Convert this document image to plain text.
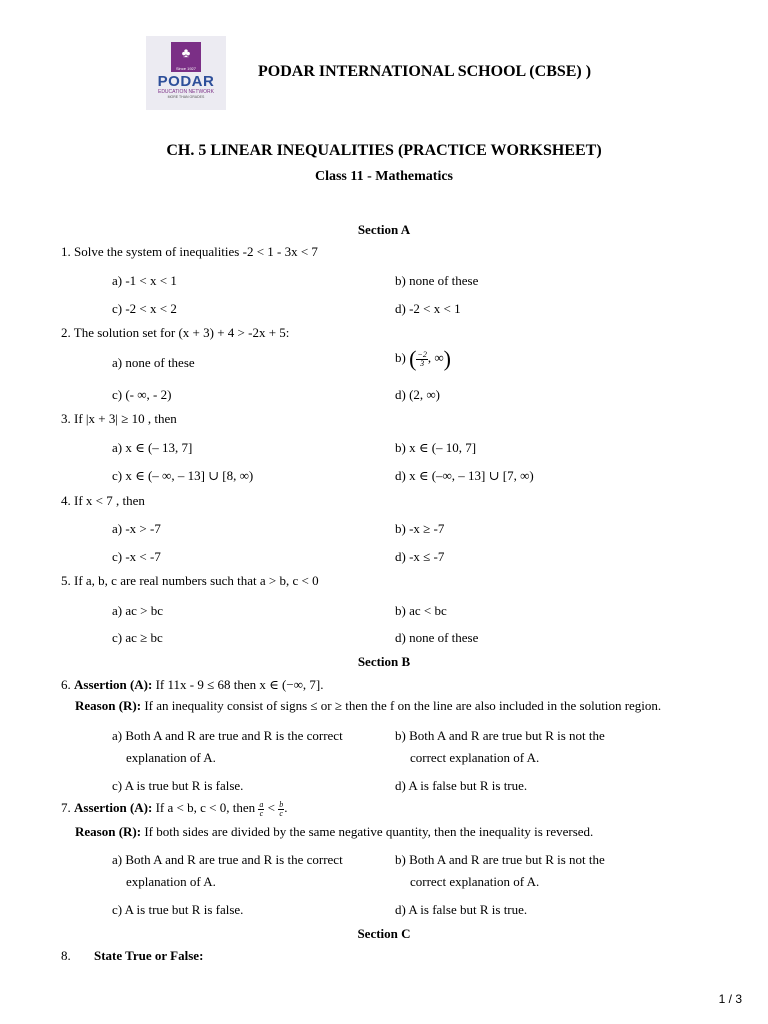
♣
Since 1927
PODAR
EDUCATION NETWORK
MORE THAN GRADES
PODAR INTERNATIONAL SCHOOL (CBSE) )
CH. 5 LINEAR INEQUALITIES (PRACTICE WORKSHEET)
Class 11 - Mathematics
Section A
1. Solve the system of inequalities -2 < 1 - 3x < 7
a) -1 < x < 1	b) none of these
c) -2 < x < 2	d) -2 < x < 1
2. The solution set for (x + 3) + 4 > -2x + 5:
a) none of these	b) ( $\frac{-2}{3}$ , ∞)
c) (- ∞, - 2)	d) (2, ∞)
3. If |x + 3| ≥ 10 , then
a) x ∈ (– 13, 7]	b) x ∈ (– 10, 7]
c) x ∈ (– ∞, – 13] ∪ [8, ∞)	d) x ∈ (–∞, – 13] ∪ [7, ∞)
4. If x < 7 , then
a) -x > -7	b) -x ≥ -7
c) -x < -7	d) -x ≤ -7
5. If a, b, c are real numbers such that a > b, c < 0
a) ac > bc	b) ac < bc
c) ac ≥ bc	d) none of these
Section B
6. Assertion (A): If 11x - 9 ≤ 68 then x ∈ (−∞, 7].
Reason (R): If an inequality consist of signs ≤ or ≥ then the f on the line are also included in the solution region.
a) Both A and R are true and R is the correct
explanation of A.
b) Both A and R are true but R is not the
correct explanation of A.
c) A is true but R is false.	d) A is false but R is true.
7. Assertion (A): If a < b, c < 0, then $\frac{a}{c} < \frac{b}{c}$ .
Reason (R): If both sides are divided by the same negative quantity, then the inequality is reversed.
a) Both A and R are true and R is the correct
explanation of A.
b) Both A and R are true but R is not the
correct explanation of A.
c) A is true but R is false.	d) A is false but R is true.
Section C
8. State True or False:
1 / 3
